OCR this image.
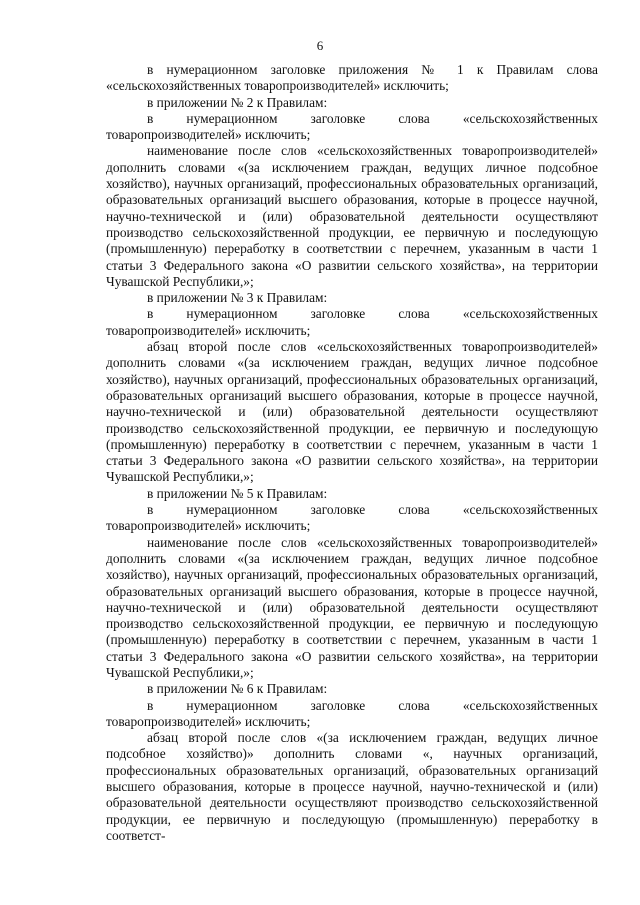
6

в нумерационном заголовке приложения № 1 к Правилам слова «сельскохозяйственных товаропроизводителей» исключить;

в приложении № 2 к Правилам:

в нумерационном заголовке слова «сельскохозяйственных товаропроизводителей» исключить;

наименование после слов «сельскохозяйственных товаропроизводителей» дополнить словами «(за исключением граждан, ведущих личное подсобное хозяйство), научных организаций, профессиональных образовательных организаций, образовательных организаций высшего образования, которые в процессе научной, научно-технической и (или) образовательной деятельности осуществляют производство сельскохозяйственной продукции, ее первичную и последующую (промышленную) переработку в соответствии с перечнем, указанным в части 1 статьи 3 Федерального закона «О развитии сельского хозяйства», на территории Чувашской Республики,»;

в приложении № 3 к Правилам:

в нумерационном заголовке слова «сельскохозяйственных товаропроизводителей» исключить;

абзац второй после слов «сельскохозяйственных товаропроизводителей» дополнить словами «(за исключением граждан, ведущих личное подсобное хозяйство), научных организаций, профессиональных образовательных организаций, образовательных организаций высшего образования, которые в процессе научной, научно-технической и (или) образовательной деятельности осуществляют производство сельскохозяйственной продукции, ее первичную и последующую (промышленную) переработку в соответствии с перечнем, указанным в части 1 статьи 3 Федерального закона «О развитии сельского хозяйства», на территории Чувашской Республики,»;

в приложении № 5 к Правилам:

в нумерационном заголовке слова «сельскохозяйственных товаропроизводителей» исключить;

наименование после слов «сельскохозяйственных товаропроизводителей» дополнить словами «(за исключением граждан, ведущих личное подсобное хозяйство), научных организаций, профессиональных образовательных организаций, образовательных организаций высшего образования, которые в процессе научной, научно-технической и (или) образовательной деятельности осуществляют производство сельскохозяйственной продукции, ее первичную и последующую (промышленную) переработку в соответствии с перечнем, указанным в части 1 статьи 3 Федерального закона «О развитии сельского хозяйства», на территории Чувашской Республики,»;

в приложении № 6 к Правилам:

в нумерационном заголовке слова «сельскохозяйственных товаропроизводителей» исключить;

абзац второй после слов «(за исключением граждан, ведущих личное подсобное хозяйство)» дополнить словами «, научных организаций, профессиональных образовательных организаций, образовательных организаций высшего образования, которые в процессе научной, научно-технической и (или) образовательной деятельности осуществляют производство сельскохозяйственной продукции, ее первичную и последующую (промышленную) переработку в соответст-
